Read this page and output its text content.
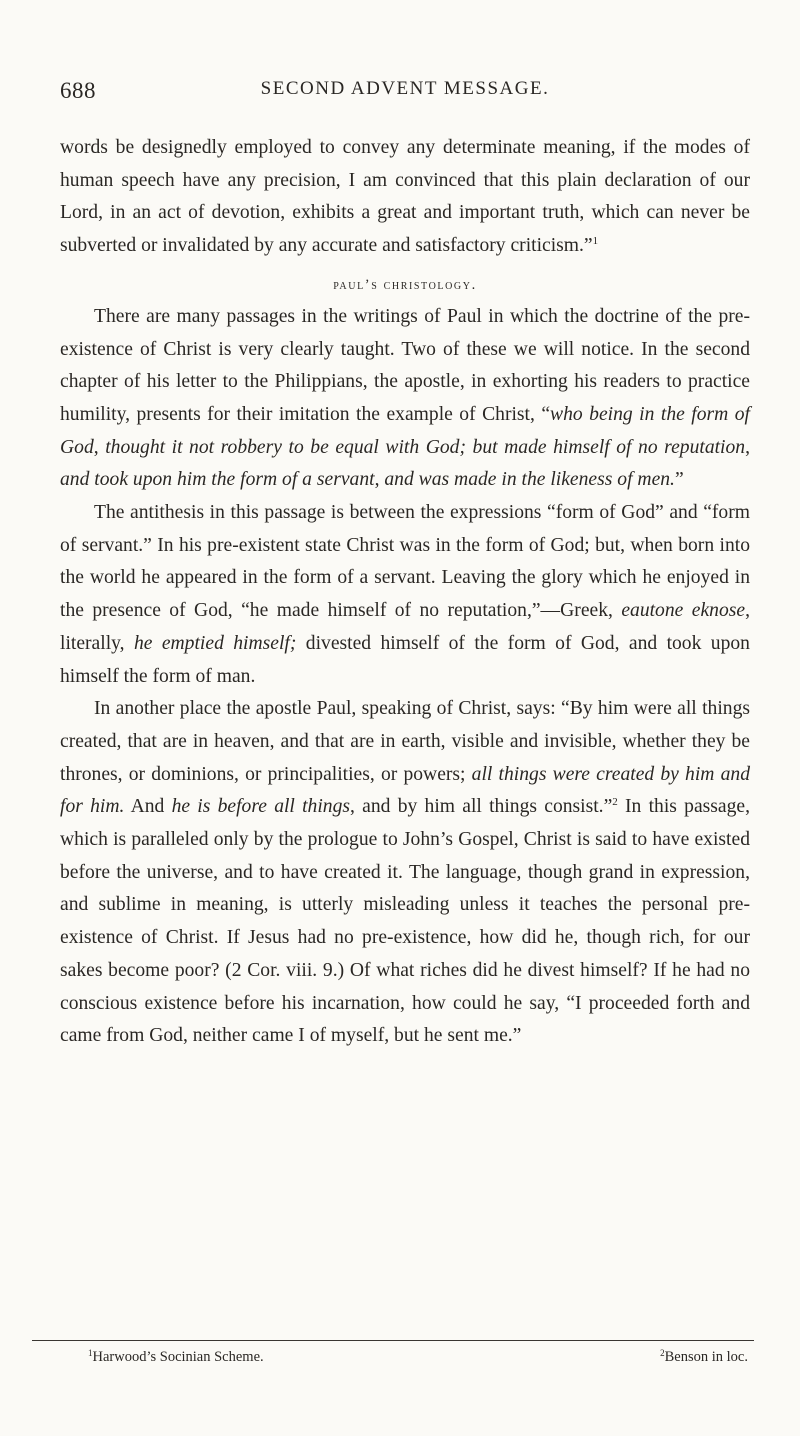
688	SECOND ADVENT MESSAGE.

words be designedly employed to convey any determinate meaning, if the modes of human speech have any precision, I am convinced that this plain declaration of our Lord, in an act of devotion, exhibits a great and important truth, which can never be subverted or invalidated by any accurate and satisfactory criticism.”$^1$

paul’s christology.

There are many passages in the writings of Paul in which the doctrine of the pre-existence of Christ is very clearly taught. Two of these we will notice. In the second chapter of his letter to the Philippians, the apostle, in exhorting his readers to practice humility, presents for their imitation the example of Christ, “who being in the form of God, thought it not robbery to be equal with God; but made himself of no reputation, and took upon him the form of a servant, and was made in the likeness of men.”

The antithesis in this passage is between the expressions “form of God” and “form of servant.” In his pre-existent state Christ was in the form of God; but, when born into the world he appeared in the form of a servant. Leaving the glory which he enjoyed in the presence of God, “he made himself of no reputation,”—Greek, eautone eknose, literally, he emptied himself; divested himself of the form of God, and took upon himself the form of man.

In another place the apostle Paul, speaking of Christ, says: “By him were all things created, that are in heaven, and that are in earth, visible and invisible, whether they be thrones, or dominions, or principalities, or powers; all things were created by him and for him. And he is before all things, and by him all things consist.”$^2$ In this passage, which is paralleled only by the prologue to John’s Gospel, Christ is said to have existed before the universe, and to have created it. The language, though grand in expression, and sublime in meaning, is utterly misleading unless it teaches the personal pre-existence of Christ. If Jesus had no pre-existence, how did he, though rich, for our sakes become poor? (2 Cor. viii. 9.) Of what riches did he divest himself? If he had no conscious existence before his incarnation, how could he say, “I proceeded forth and came from God, neither came I of myself, but he sent me.”

$^1$Harwood’s Socinian Scheme.	$^2$Benson in loc.
